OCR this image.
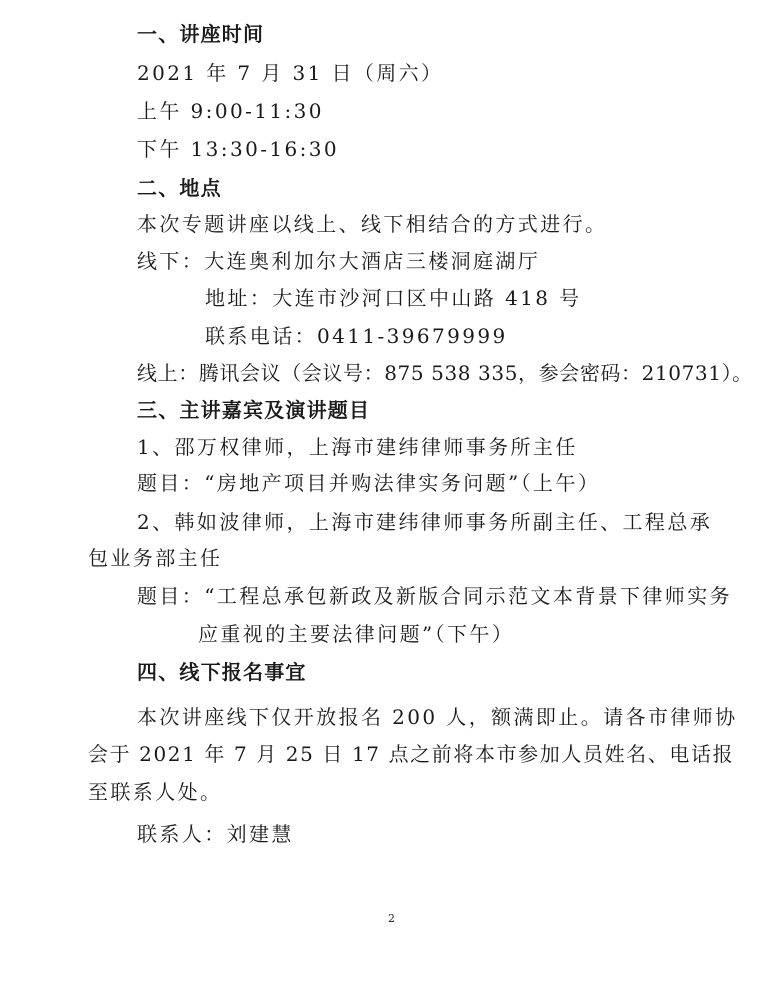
一、讲座时间
2021 年 7 月 31 日（周六）
上午 9:00-11:30
下午 13:30-16:30
二、地点
本次专题讲座以线上、线下相结合的方式进行。
线下：大连奥利加尔大酒店三楼洞庭湖厅
地址：大连市沙河口区中山路 418 号
联系电话：0411-39679999
线上：腾讯会议（会议号：875 538 335，参会密码：210731）。
三、主讲嘉宾及演讲题目
1、邵万权律师，上海市建纬律师事务所主任
题目：“房地产项目并购法律实务问题”（上午）
2、韩如波律师，上海市建纬律师事务所副主任、工程总承
包业务部主任
题目：“工程总承包新政及新版合同示范文本背景下律师实务
应重视的主要法律问题”（下午）
四、线下报名事宜
本次讲座线下仅开放报名 200 人，额满即止。请各市律师协
会于 2021 年 7 月 25 日 17 点之前将本市参加人员姓名、电话报
至联系人处。
联系人：刘建慧
2
